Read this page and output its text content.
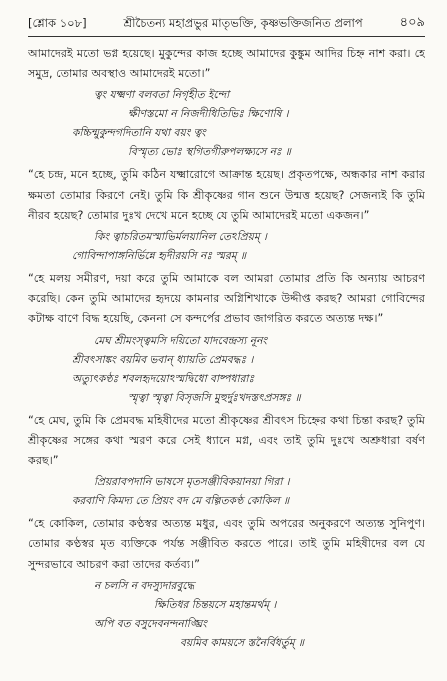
[শ্লোক ১০৮]	শ্রীচৈতন্য মহাপ্রভুর মাতৃভক্তি, কৃষ্ণভক্তিজনিত প্রলাপ	৪০৯

আমাদেরই মতো ভগ্ন হয়েছে। মুকুন্দের কাজ হচ্ছে আমাদের কুঙ্কুম আদির চিহ্ন নাশ করা। হে সমুদ্র, তোমার অবস্থাও আমাদেরই মতো।”

ত্বং যক্ষ্মণা বলবতা নিগৃহীত ইন্দো
ক্ষীণস্তমো ন নিজদীধিতিভিঃ ক্ষিণোষি ।
কচ্চিন্মুকুন্দগদিতানি যথা বয়ং ত্বং
বিস্মৃত্য ভোঃ স্থগিতগীরুপলক্ষ্যসে নঃ ॥

“হে চন্দ্র, মনে হচ্ছে, তুমি কঠিন যক্ষ্মারোগে আক্রান্ত হয়েছ। প্রকৃতপক্ষে, অন্ধকার নাশ করার ক্ষমতা তোমার কিরণে নেই। তুমি কি শ্রীকৃষ্ণের গান শুনে উন্মত্ত হয়েছ? সেজন্যই কি তুমি নীরব হয়েছ? তোমার দুঃখ দেখে মনে হচ্ছে যে তুমি আমাদেরই মতো একজন।”

কিং ত্বাচরিতমস্মাভির্মলয়ানিল তেঽপ্রিয়ম্ ।
গোবিন্দাপাঙ্গনির্ভিন্নে হৃদীরয়সি নঃ স্মরম্ ॥

“হে মলয় সমীরণ, দয়া করে তুমি আমাকে বল আমরা তোমার প্রতি কি অন্যায় আচরণ করেছি। কেন তুমি আমাদের হৃদয়ে কামনার অগ্নিশিখাকে উদ্দীপ্ত করছ? আমরা গোবিন্দের কটাক্ষ বাণে বিদ্ধ হয়েছি, কেননা সে কন্দর্পের প্রভাব জাগরিত করতে অত্যন্ত দক্ষ।”

মেঘ শ্রীমংস্ত্বমসি দয়িতো যাদবেন্দ্রস্য নূনং
শ্রীবৎসাঙ্কং বয়মিব ভবান্ ধ্যায়তি প্রেমবদ্ধঃ ।
অত্যুৎকণ্ঠঃ শবলহৃদয়োঽস্মদ্বিধো বাষ্পধারাঃ
স্মৃত্বা স্মৃত্বা বিসৃজসি মুহুর্দুঃখদস্তৎপ্রসঙ্গঃ ॥

“হে মেঘ, তুমি কি প্রেমবদ্ধ মহিষীদের মতো শ্রীকৃষ্ণের শ্রীবৎস চিহ্নের কথা চিন্তা করছ? তুমি শ্রীকৃষ্ণের সঙ্গের কথা স্মরণ করে সেই ধ্যানে মগ্ন, এবং তাই তুমি দুঃখে অশ্রুধারা বর্ষণ করছ।”

প্রিয়রাবপদানি ভাষসে মৃতসঞ্জীবিকয়ানয়া গিরা ।
করবাণি কিমদ্য তে প্রিয়ং বদ মে বল্গিতকণ্ঠ কোকিল ॥

“হে কোকিল, তোমার কণ্ঠস্বর অত্যন্ত মধুর, এবং তুমি অপরের অনুকরণে অত্যন্ত সুনিপুণ। তোমার কণ্ঠস্বর মৃত ব্যক্তিকে পর্যন্ত সঞ্জীবিত করতে পারে। তাই তুমি মহিষীদের বল যে সুন্দরভাবে আচরণ করা তাদের কর্তব্য।”

ন চলসি ন বদস্যুদারবুদ্ধে
ক্ষিতিধর চিন্তয়সে মহান্তমর্থম্ ।
অপি বত বসুদেবনন্দনাঙ্ঘ্রিং
বয়মিব কাময়সে স্তনৈর্বিধর্তুম্ ॥
